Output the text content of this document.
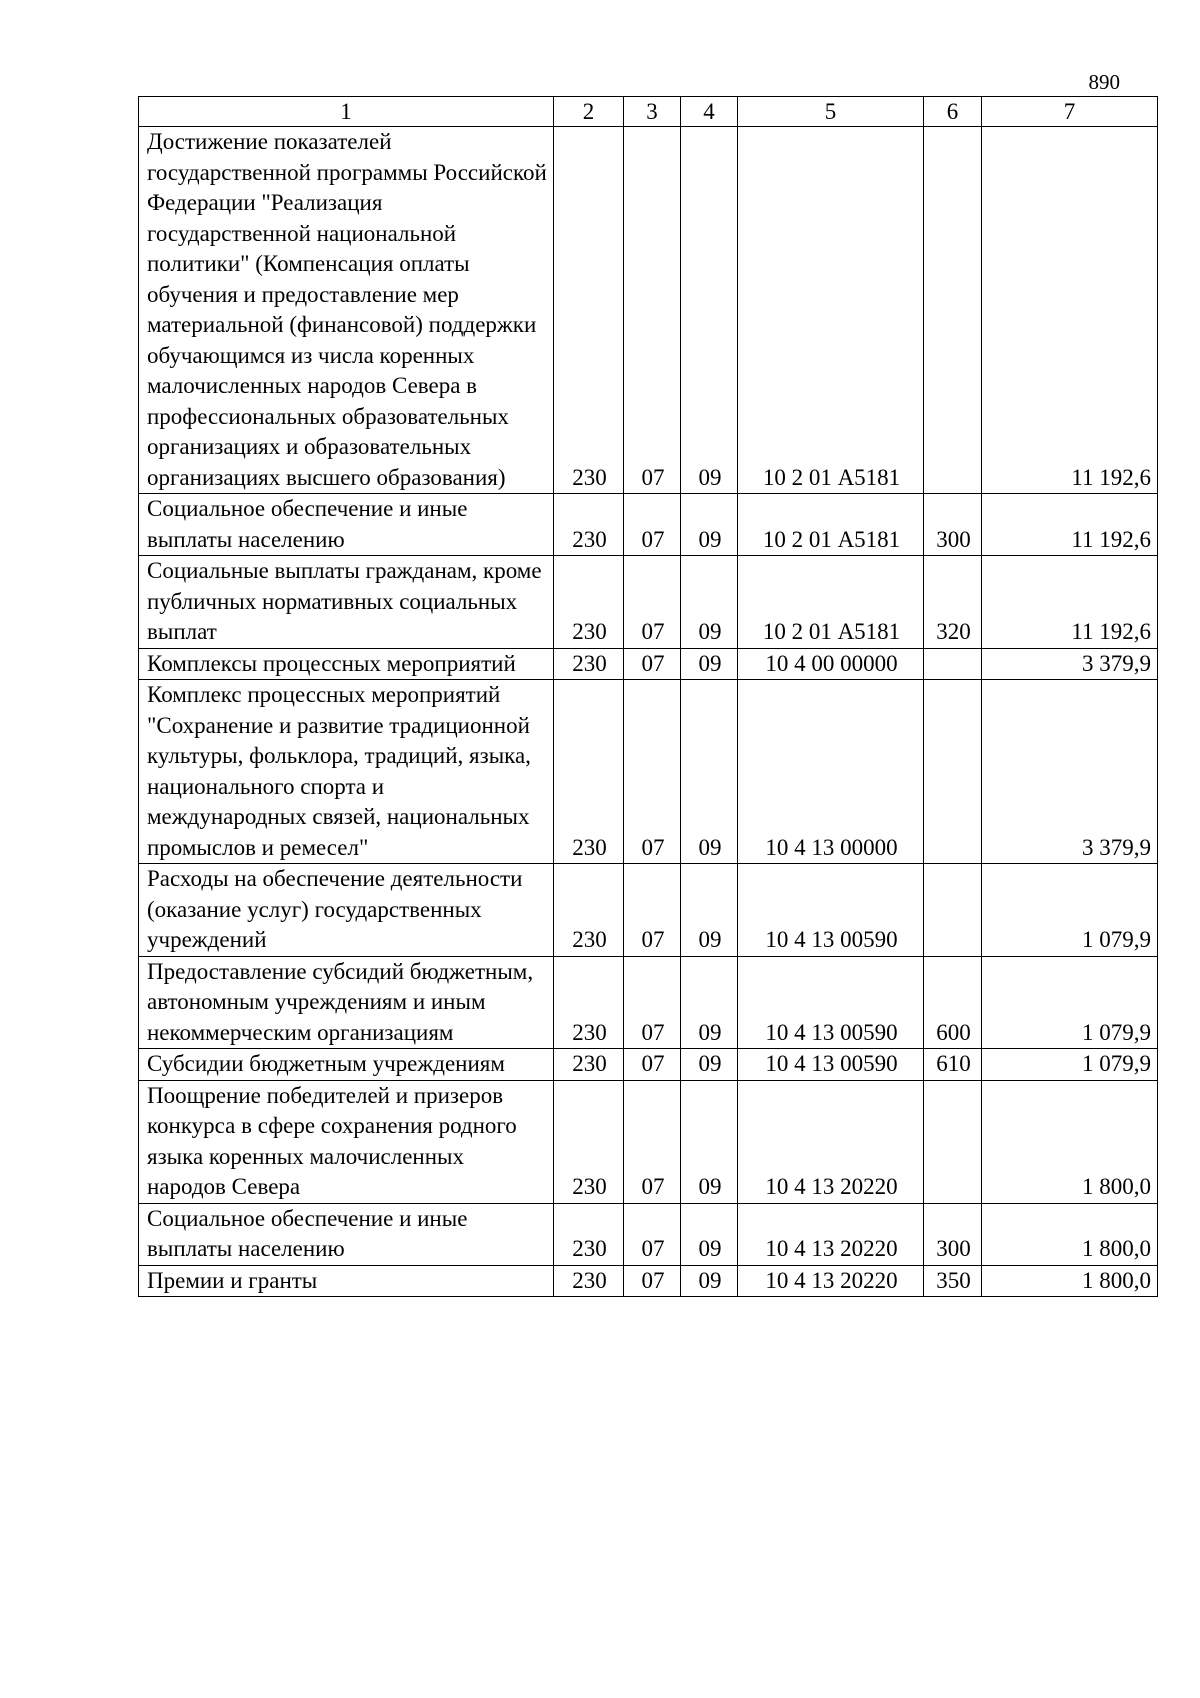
890
1	2	3	4	5	6	7
Достижение показателей государственной программы Российской Федерации "Реализация государственной национальной политики" (Компенсация оплаты обучения и предоставление мер материальной (финансовой) поддержки обучающимся из числа коренных малочисленных народов Севера в профессиональных образовательных организациях и образовательных организациях высшего образования)	230	07	09	10 2 01 А5181		11 192,6
Социальное обеспечение и иные выплаты населению	230	07	09	10 2 01 А5181	300	11 192,6
Социальные выплаты гражданам, кроме публичных нормативных социальных выплат	230	07	09	10 2 01 А5181	320	11 192,6
Комплексы процессных мероприятий	230	07	09	10 4 00 00000		3 379,9
Комплекс процессных мероприятий "Сохранение и развитие традиционной культуры, фольклора, традиций, языка, национального спорта и международных связей, национальных промыслов и ремесел"	230	07	09	10 4 13 00000		3 379,9
Расходы на обеспечение деятельности (оказание услуг) государственных учреждений	230	07	09	10 4 13 00590		1 079,9
Предоставление субсидий бюджетным, автономным учреждениям и иным некоммерческим организациям	230	07	09	10 4 13 00590	600	1 079,9
Субсидии бюджетным учреждениям	230	07	09	10 4 13 00590	610	1 079,9
Поощрение победителей и призеров конкурса в сфере сохранения родного языка коренных малочисленных народов Севера	230	07	09	10 4 13 20220		1 800,0
Социальное обеспечение и иные выплаты населению	230	07	09	10 4 13 20220	300	1 800,0
Премии и гранты	230	07	09	10 4 13 20220	350	1 800,0
